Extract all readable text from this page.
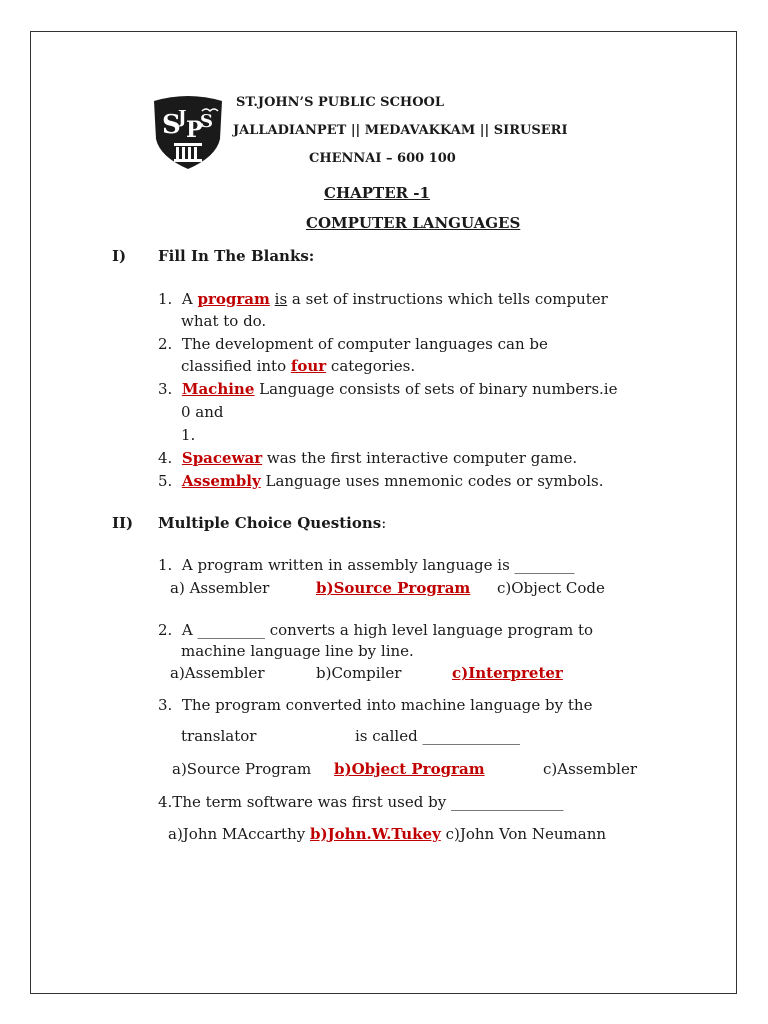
S
J P
S
ST.JOHN’S PUBLIC SCHOOL
JALLADIANPET || MEDAVAKKAM || SIRUSERI
CHENNAI – 600 100
CHAPTER -1
COMPUTER LANGUAGES
I) Fill In The Blanks:
1. A program is a set of instructions which tells computer
what to do.
2. The development of computer languages can be
classified into four categories.
3. Machine Language consists of sets of binary numbers.ie
0 and
1.
4. Spacewar was the first interactive computer game.
5. Assembly Language uses mnemonic codes or symbols.
II) Multiple Choice Questions:
1. A program written in assembly language is ________
a) Assembler	b)Source Program c)Object Code
2. A _________ converts a high level language program to
machine language line by line.
a)Assembler	b)Compiler	c)Interpreter
3. The program converted into machine language by the
translator	is called _____________
a)Source Program b)Object Program	c)Assembler
4.The term software was first used by _______________
a)John MAccarthy b)John.W.Tukey c)John Von Neumann
